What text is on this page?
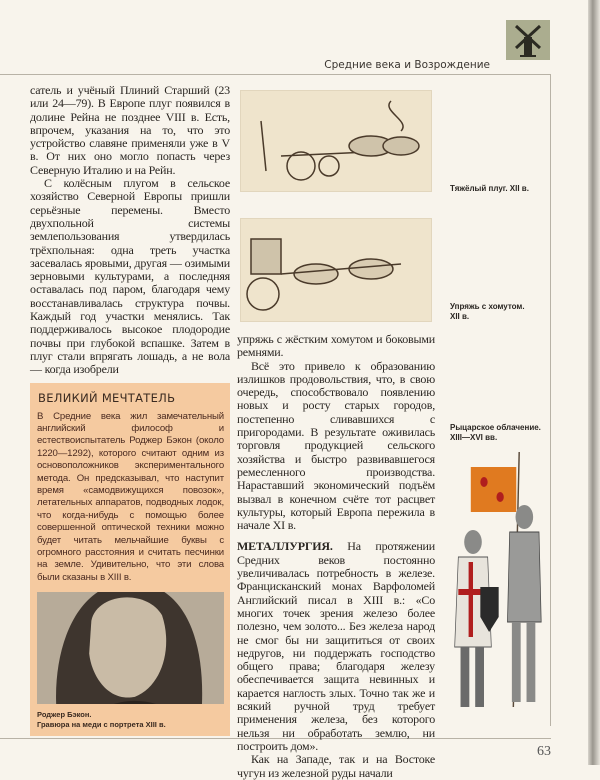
Средние века и Возрождение

сатель и учёный Плиний Старший (23 или 24—79). В Европе плуг появился в долине Рейна не позднее VIII в. Есть, впрочем, указания на то, что это устройство славяне применяли уже в V в. От них оно могло попасть через Северную Италию и на Рейн.

С колёсным плугом в сельское хозяйство Северной Европы пришли серьёзные перемены. Вместо двухпольной системы землепользования утвердилась трёхпольная: одна треть участка засевалась яровыми, другая — озимыми зерновыми культурами, а последняя оставалась под паром, благодаря чему восстанавливалась структура почвы. Каждый год участки менялись. Так поддерживалось высокое плодородие почвы при глубокой вспашке. Затем в плуг стали впрягать лошадь, а не вола — когда изобрели

ВЕЛИКИЙ МЕЧТАТЕЛЬ
В Средние века жил замечательный английский философ и естествоиспытатель Роджер Бэкон (около 1220—1292), которого считают одним из основоположников экспериментального метода. Он предсказывал, что наступит время «самодвижущихся повозок», летательных аппаратов, подводных лодок, что когда-нибудь с помощью более совершенной оптической техники можно будет читать мельчайшие буквы с огромного расстояния и считать песчинки на земле. Удивительно, что эти слова были сказаны в XIII в.
Роджер Бэкон.
Гравюра на меди с портрета XIII в.
Тяжёлый плуг. XII в.
Упряжь с хомутом.
XII в.
Рыцарское облачение.
XIII—XVI вв.

упряжь с жёстким хомутом и боковыми ремнями.

Всё это привело к образованию излишков продовольствия, что, в свою очередь, способствовало появлению новых и росту старых городов, постепенно сливавшихся с пригородами. В результате оживилась торговля продукцией сельского хозяйства и быстро развивавшегося ремесленного производства. Нараставший экономический подъём вызвал в конечном счёте тот расцвет культуры, который Европа пережила в начале XI в.

МЕТАЛЛУРГИЯ. На протяжении Средних веков постоянно увеличивалась потребность в железе. Францисканский монах Варфоломей Английский писал в XIII в.: «Со многих точек зрения железо более полезно, чем золото... Без железа народ не смог бы ни защититься от своих недругов, ни поддержать господство общего права; благодаря железу обеспечивается защита невинных и карается наглость злых. Точно так же и всякий ручной труд требует применения железа, без которого нельзя ни обработать землю, ни построить дом».

Как на Западе, так и на Востоке чугун из железной руды начали

63
